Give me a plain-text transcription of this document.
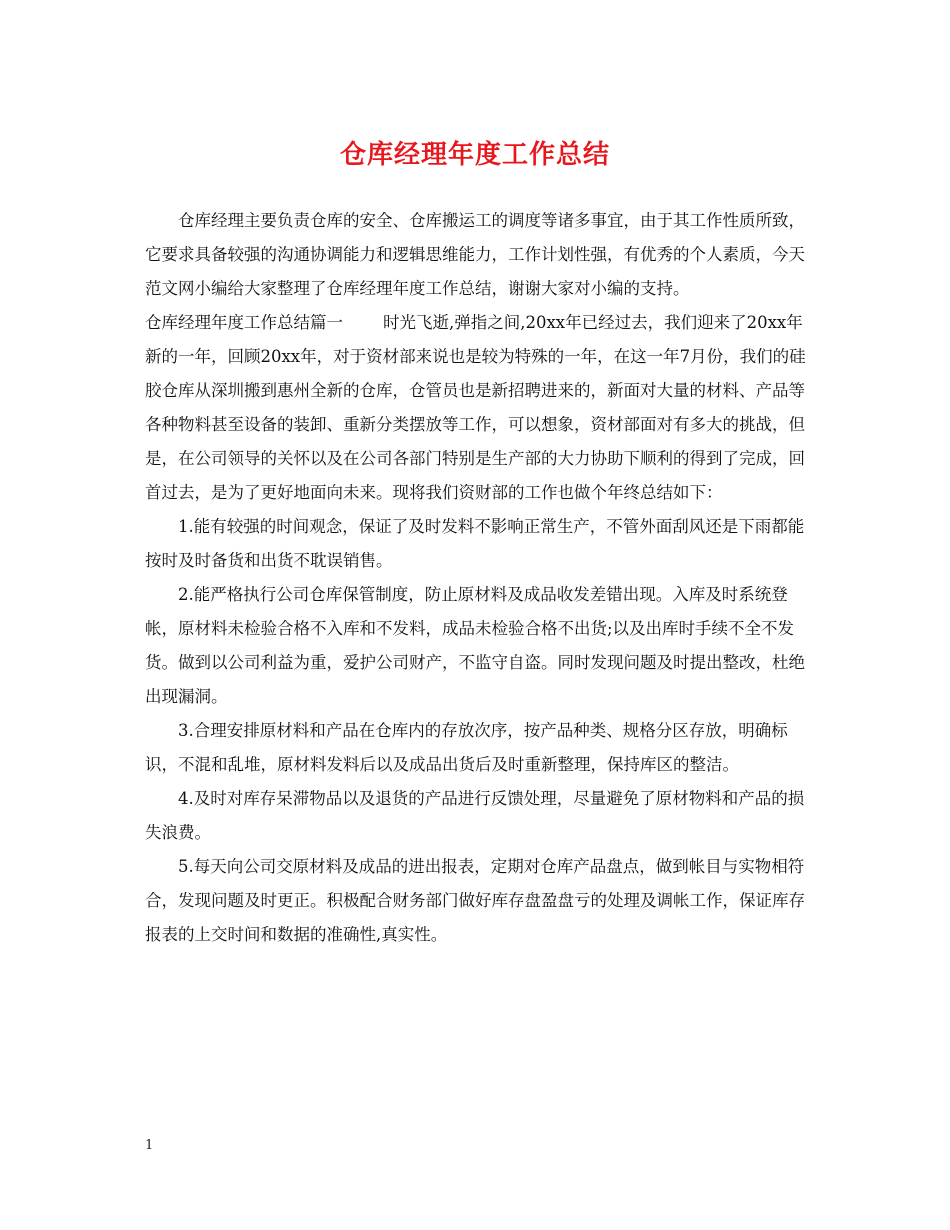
仓库经理年度工作总结

仓库经理主要负责仓库的安全、仓库搬运工的调度等诸多事宜，由于其工作性质所致，它要求具备较强的沟通协调能力和逻辑思维能力，工作计划性强，有优秀的个人素质，今天范文网小编给大家整理了仓库经理年度工作总结，谢谢大家对小编的支持。

仓库经理年度工作总结篇一 时光飞逝,弹指之间,20xx年已经过去，我们迎来了20xx年新的一年，回顾20xx年，对于资材部来说也是较为特殊的一年，在这一年7月份，我们的硅胶仓库从深圳搬到惠州全新的仓库，仓管员也是新招聘进来的，新面对大量的材料、产品等各种物料甚至设备的装卸、重新分类摆放等工作，可以想象，资材部面对有多大的挑战，但是，在公司领导的关怀以及在公司各部门特别是生产部的大力协助下顺利的得到了完成，回首过去，是为了更好地面向未来。现将我们资财部的工作也做个年终总结如下：

1.能有较强的时间观念，保证了及时发料不影响正常生产，不管外面刮风还是下雨都能按时及时备货和出货不耽误销售。

2.能严格执行公司仓库保管制度，防止原材料及成品收发差错出现。入库及时系统登帐，原材料未检验合格不入库和不发料，成品未检验合格不出货;以及出库时手续不全不发货。做到以公司利益为重，爱护公司财产，不监守自盗。同时发现问题及时提出整改，杜绝出现漏洞。

3.合理安排原材料和产品在仓库内的存放次序，按产品种类、规格分区存放，明确标识，不混和乱堆，原材料发料后以及成品出货后及时重新整理，保持库区的整洁。

4.及时对库存呆滞物品以及退货的产品进行反馈处理，尽量避免了原材物料和产品的损失浪费。

5.每天向公司交原材料及成品的进出报表，定期对仓库产品盘点，做到帐目与实物相符合，发现问题及时更正。积极配合财务部门做好库存盘盈盘亏的处理及调帐工作，保证库存报表的上交时间和数据的准确性,真实性。

1
